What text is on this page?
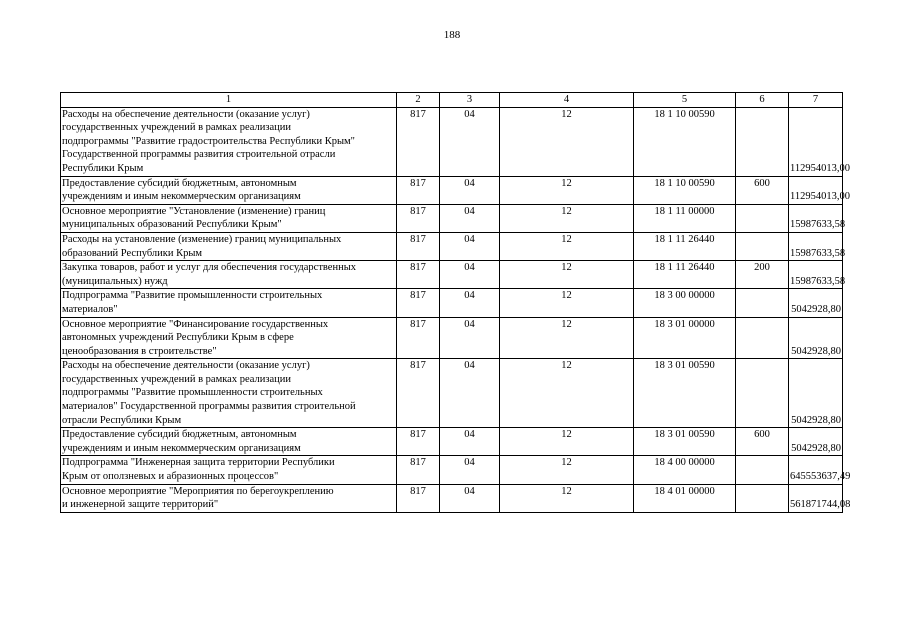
188
1	2	3	4	5	6	7

Расходы на обеспечение деятельности (оказание услуг)
государственных учреждений в рамках реализации
подпрограммы "Развитие градостроительства Республики Крым"
Государственной программы развития строительной отрасли
Республики Крым	817	04	12	18 1 10 00590		112954013,00

Предоставление субсидий бюджетным, автономным
учреждениям и иным некоммерческим организациям	817	04	12	18 1 10 00590	600	112954013,00

Основное мероприятие "Установление (изменение) границ
муниципальных образований Республики Крым"	817	04	12	18 1 11 00000		15987633,58

Расходы на установление (изменение) границ муниципальных
образований Республики Крым	817	04	12	18 1 11 26440		15987633,58

Закупка товаров, работ и услуг для обеспечения государственных
(муниципальных) нужд	817	04	12	18 1 11 26440	200	15987633,58

Подпрограмма "Развитие промышленности строительных
материалов"	817	04	12	18 3 00 00000		5042928,80

Основное мероприятие "Финансирование государственных
автономных учреждений Республики Крым в сфере
ценообразования в строительстве"	817	04	12	18 3 01 00000		5042928,80

Расходы на обеспечение деятельности (оказание услуг)
государственных учреждений в рамках реализации
подпрограммы "Развитие промышленности строительных
материалов" Государственной программы развития строительной
отрасли Республики Крым	817	04	12	18 3 01 00590		5042928,80

Предоставление субсидий бюджетным, автономным
учреждениям и иным некоммерческим организациям	817	04	12	18 3 01 00590	600	5042928,80

Подпрограмма "Инженерная защита территории Республики
Крым от оползневых и абразионных процессов"	817	04	12	18 4 00 00000		645553637,49

Основное мероприятие "Мероприятия по берегоукреплению
и инженерной защите территорий"	817	04	12	18 4 01 00000		561871744,08
